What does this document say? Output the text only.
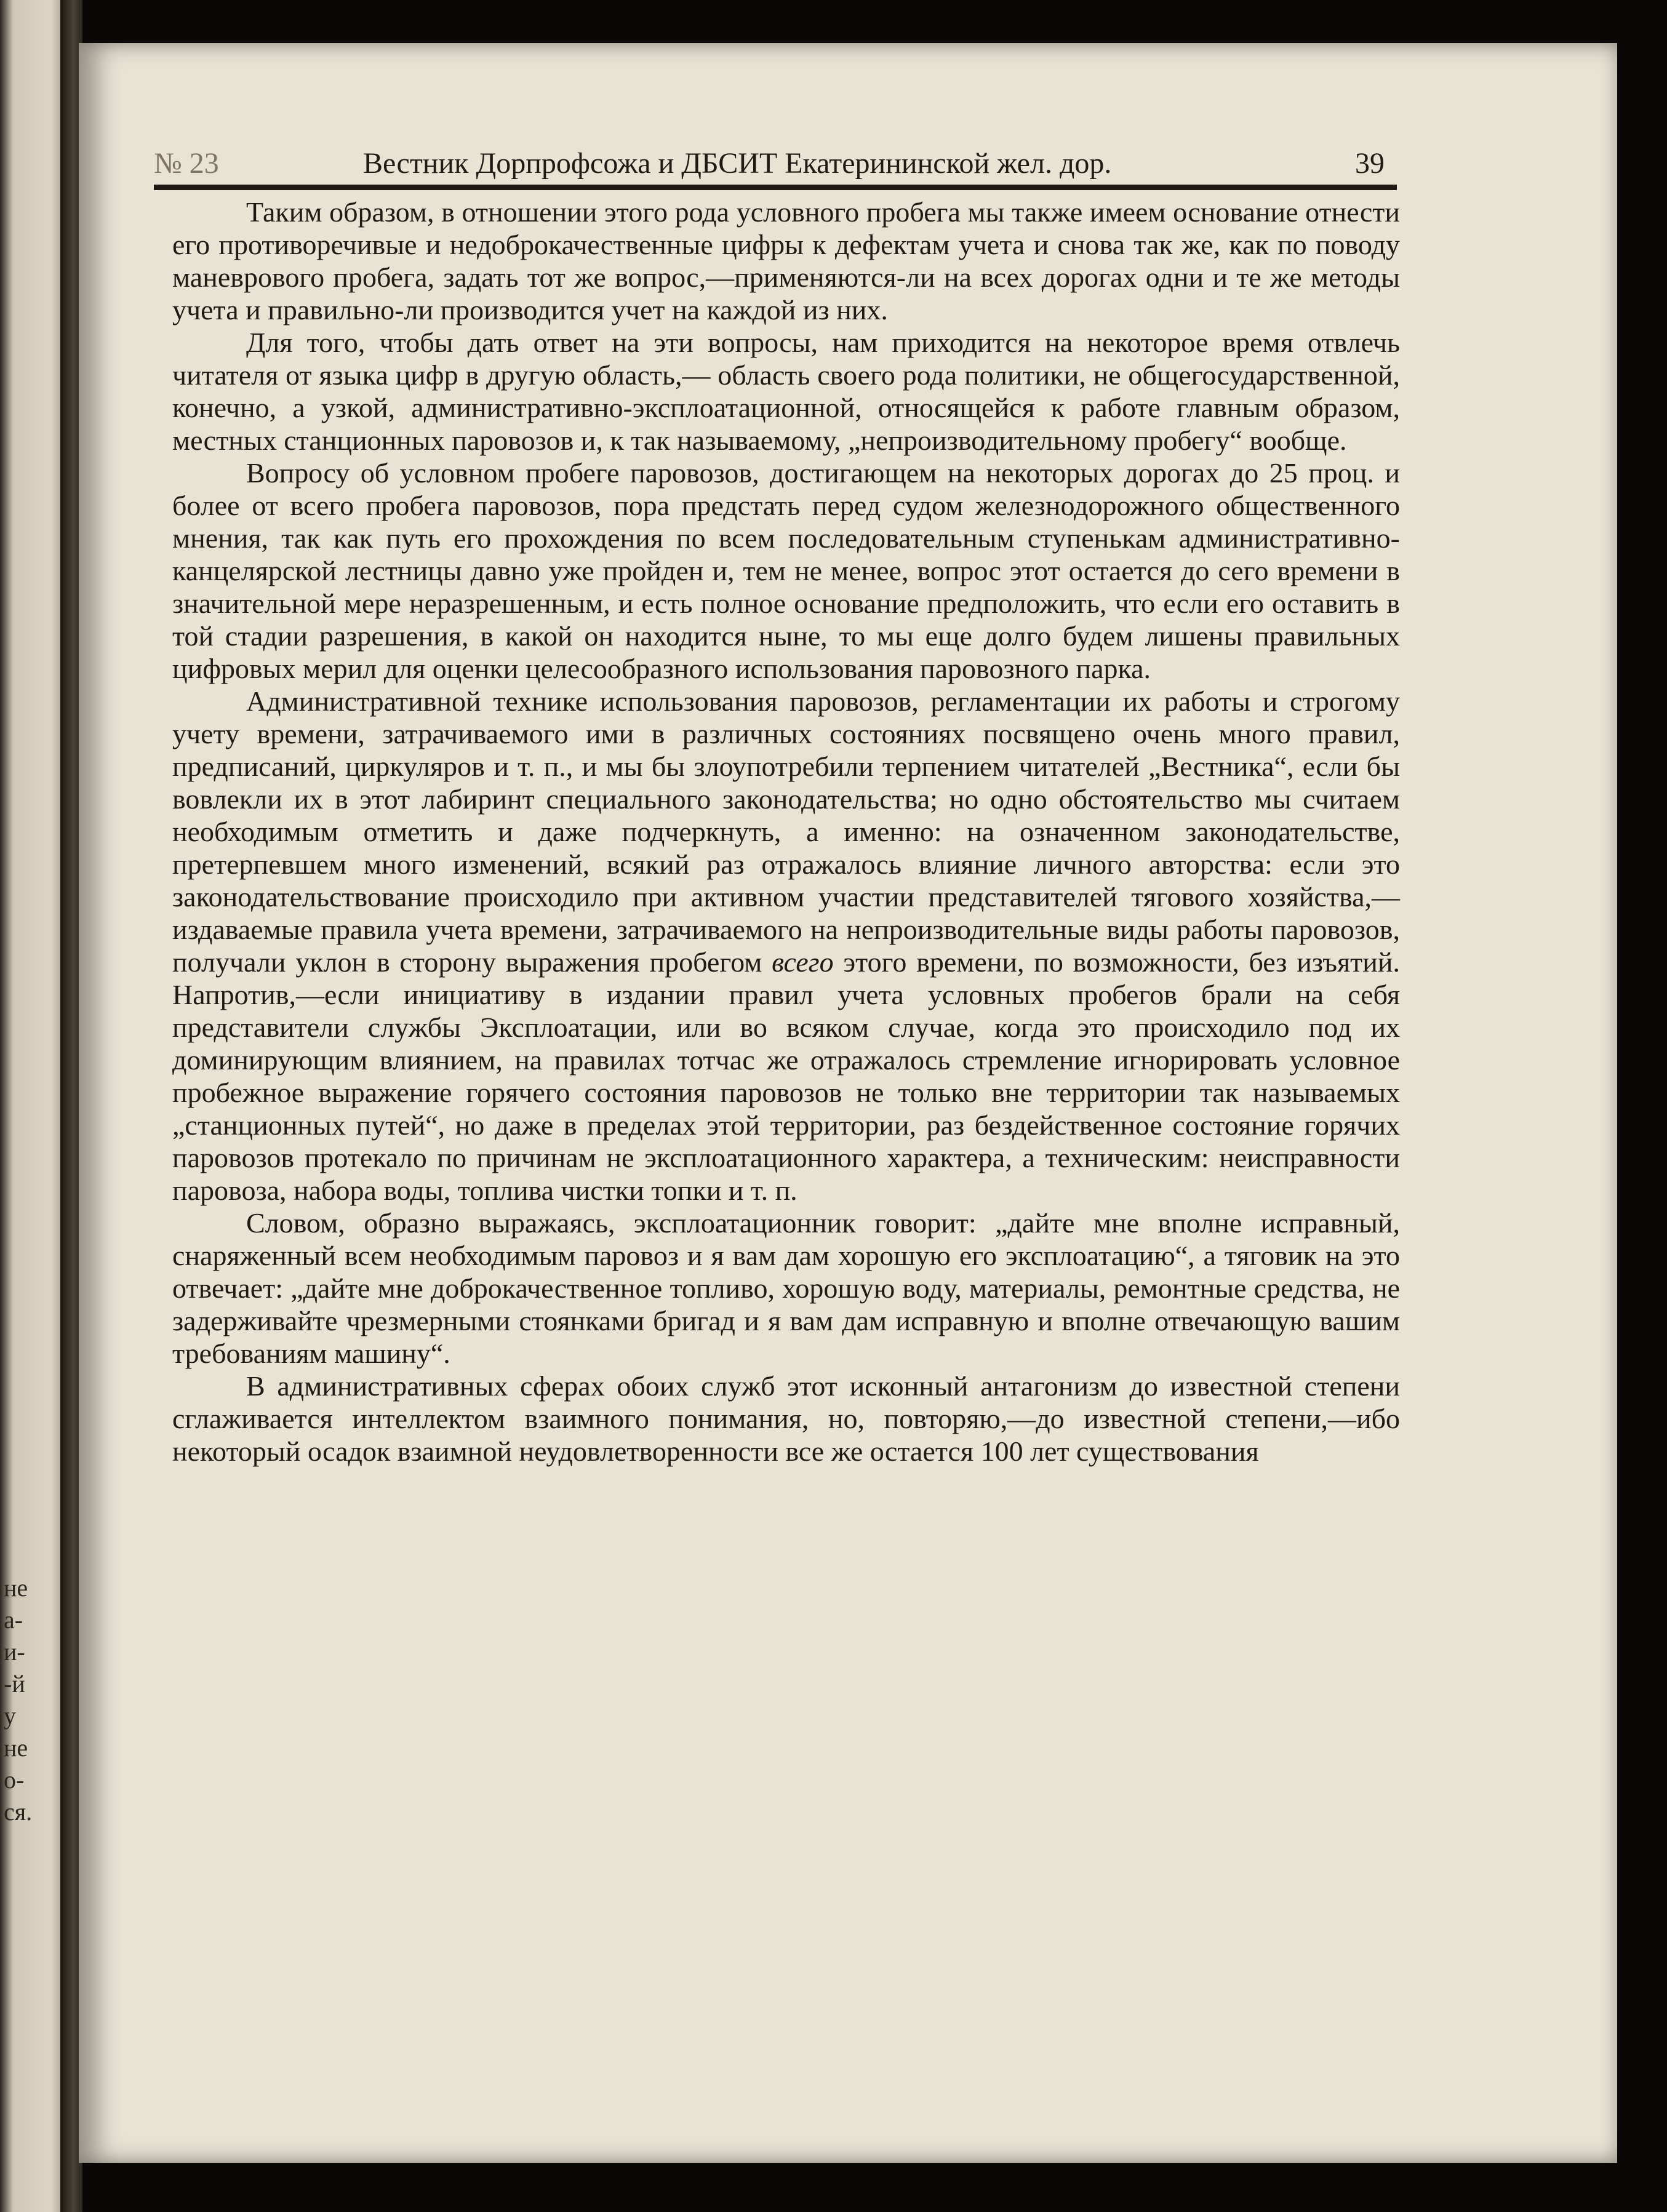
не
а-
и-
-й
у
не
о-
ся.
№ 23	Вестник Дорпрофсожа и ДБСИТ Екатерининской жел. дор.	39

Таким образом, в отношении этого рода условного пробега мы также имеем основание отнести его противоречивые и недоброкачественные цифры к дефектам учета и снова так же, как по поводу маневрового пробега, задать тот же вопрос,—применяются-ли на всех дорогах одни и те же методы учета и правильно-ли производится учет на каждой из них.

Для того, чтобы дать ответ на эти вопросы, нам приходится на некоторое время отвлечь читателя от языка цифр в другую область,— область своего рода политики, не общегосударственной, конечно, а узкой, административно-эксплоатационной, относящейся к работе главным образом, местных станционных паровозов и, к так называемому, „непроизводительному пробегу“ вообще.

Вопросу об условном пробеге паровозов, достигающем на некоторых дорогах до 25 проц. и более от всего пробега паровозов, пора предстать перед судом железнодорожного общественного мнения, так как путь его прохождения по всем последовательным ступенькам административно-канцелярской лестницы давно уже пройден и, тем не менее, вопрос этот остается до сего времени в значительной мере неразрешенным, и есть полное основание предположить, что если его оставить в той стадии разрешения, в какой он находится ныне, то мы еще долго будем лишены правильных цифровых мерил для оценки целесообразного использования паровозного парка.

Административной технике использования паровозов, регламентации их работы и строгому учету времени, затрачиваемого ими в различных состояниях посвящено очень много правил, предписаний, циркуляров и т. п., и мы бы злоупотребили терпением читателей „Вестника“, если бы вовлекли их в этот лабиринт специального законодательства; но одно обстоятельство мы считаем необходимым отметить и даже подчеркнуть, а именно: на означенном законодательстве, претерпевшем много изменений, всякий раз отражалось влияние личного авторства: если это законодательствование происходило при активном участии представителей тягового хозяйства,—издаваемые правила учета времени, затрачиваемого на непроизводительные виды работы паровозов, получали уклон в сторону выражения пробегом всего этого времени, по возможности, без изъятий. Напротив,—если инициативу в издании правил учета условных пробегов брали на себя представители службы Эксплоатации, или во всяком случае, когда это происходило под их доминирующим влиянием, на правилах тотчас же отражалось стремление игнорировать условное пробежное выражение горячего состояния паровозов не только вне территории так называемых „станционных путей“, но даже в пределах этой территории, раз бездейственное состояние горячих паровозов протекало по причинам не эксплоатационного характера, а техническим: неисправности паровоза, набора воды, топлива чистки топки и т. п.

Словом, образно выражаясь, эксплоатационник говорит: „дайте мне вполне исправный, снаряженный всем необходимым паровоз и я вам дам хорошую его эксплоатацию“, а тяговик на это отвечает: „дайте мне доброкачественное топливо, хорошую воду, материалы, ремонтные средства, не задерживайте чрезмерными стоянками бригад и я вам дам исправную и вполне отвечающую вашим требованиям машину“.

В административных сферах обоих служб этот исконный антагонизм до известной степени сглаживается интеллектом взаимного понимания, но, повторяю,—до известной степени,—ибо некоторый осадок взаимной неудовлетворенности все же остается 100 лет существования
